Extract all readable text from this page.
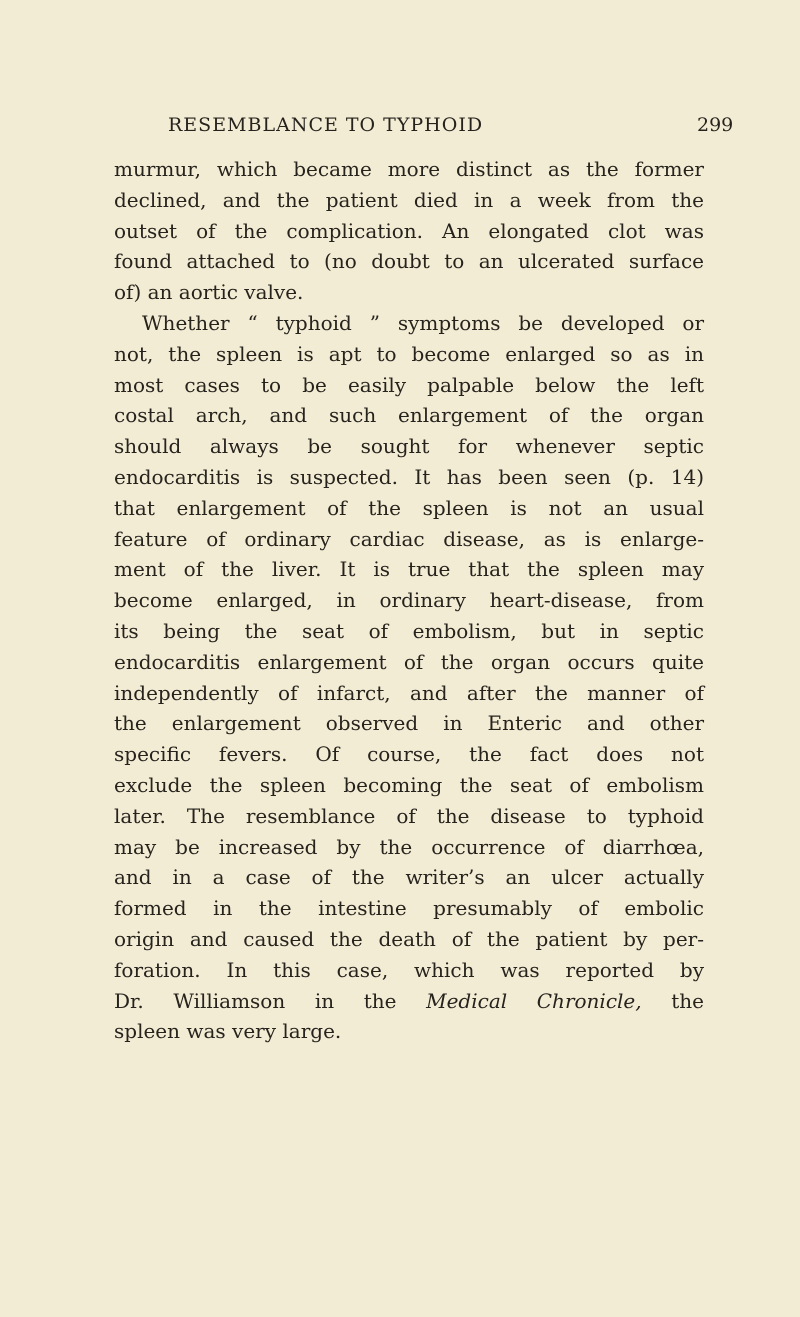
RESEMBLANCE TO TYPHOID	299

murmur, which became more distinct as the former
declined, and the patient died in a week from the
outset of the complication. An elongated clot was
found attached to (no doubt to an ulcerated surface
of) an aortic valve.

Whether “ typhoid ” symptoms be developed or
not, the spleen is apt to become enlarged so as in
most cases to be easily palpable below the left
costal arch, and such enlargement of the organ
should always be sought for whenever septic
endocarditis is suspected. It has been seen (p. 14)
that enlargement of the spleen is not an usual
feature of ordinary cardiac disease, as is enlarge-
ment of the liver. It is true that the spleen may
become enlarged, in ordinary heart-disease, from
its being the seat of embolism, but in septic
endocarditis enlargement of the organ occurs quite
independently of infarct, and after the manner of
the enlargement observed in Enteric and other
specific fevers. Of course, the fact does not
exclude the spleen becoming the seat of embolism
later. The resemblance of the disease to typhoid
may be increased by the occurrence of diarrhœa,
and in a case of the writer’s an ulcer actually
formed in the intestine presumably of embolic
origin and caused the death of the patient by per-
foration. In this case, which was reported by
Dr. Williamson in the Medical Chronicle, the
spleen was very large.
